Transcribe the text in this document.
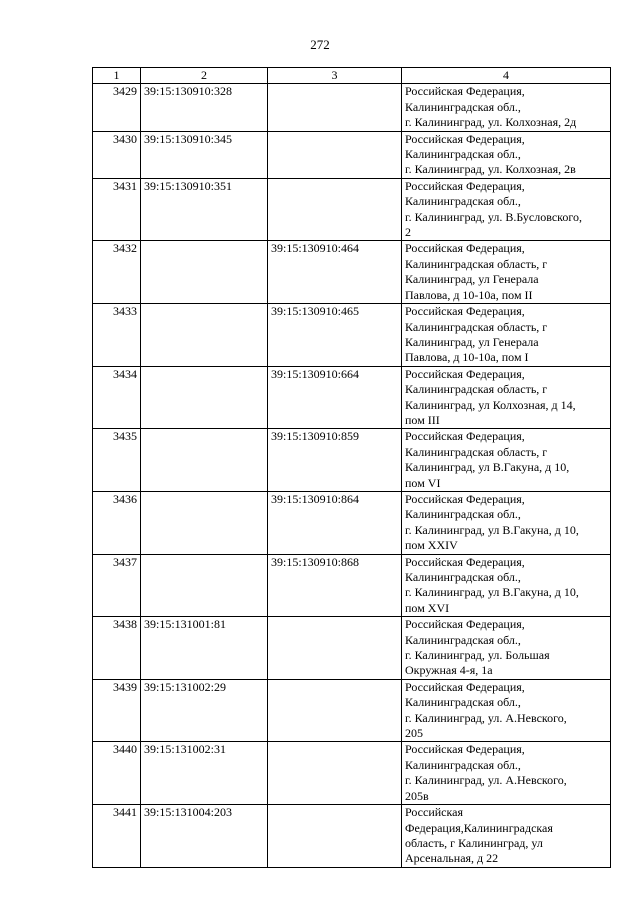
272
1	2	3	4
3429	39:15:130910:328		Российская Федерация,
Калининградская обл.,
г. Калининград, ул. Колхозная, 2д

3430	39:15:130910:345		Российская Федерация,
Калининградская обл.,
г. Калининград, ул. Колхозная, 2в

3431	39:15:130910:351		Российская Федерация,
Калининградская обл.,
г. Калининград, ул. В.Бусловского,
2

3432		39:15:130910:464	Российская Федерация,
Калининградская область, г
Калининград, ул Генерала
Павлова, д 10-10а, пом II

3433		39:15:130910:465	Российская Федерация,
Калининградская область, г
Калининград, ул Генерала
Павлова, д 10-10а, пом I

3434		39:15:130910:664	Российская Федерация,
Калининградская область, г
Калининград, ул Колхозная, д 14,
пом III

3435		39:15:130910:859	Российская Федерация,
Калининградская область, г
Калининград, ул В.Гакуна, д 10,
пом VI

3436		39:15:130910:864	Российская Федерация,
Калининградская обл.,
г. Калининград, ул В.Гакуна, д 10,
пом XXIV

3437		39:15:130910:868	Российская Федерация,
Калининградская обл.,
г. Калининград, ул В.Гакуна, д 10,
пом XVI

3438	39:15:131001:81		Российская Федерация,
Калининградская обл.,
г. Калининград, ул. Большая
Окружная 4-я, 1а

3439	39:15:131002:29		Российская Федерация,
Калининградская обл.,
г. Калининград, ул. А.Невского,
205

3440	39:15:131002:31		Российская Федерация,
Калининградская обл.,
г. Калининград, ул. А.Невского,
205в

3441	39:15:131004:203		Российская
Федерация,Калининградская
область, г Калининград, ул
Арсенальная, д 22
